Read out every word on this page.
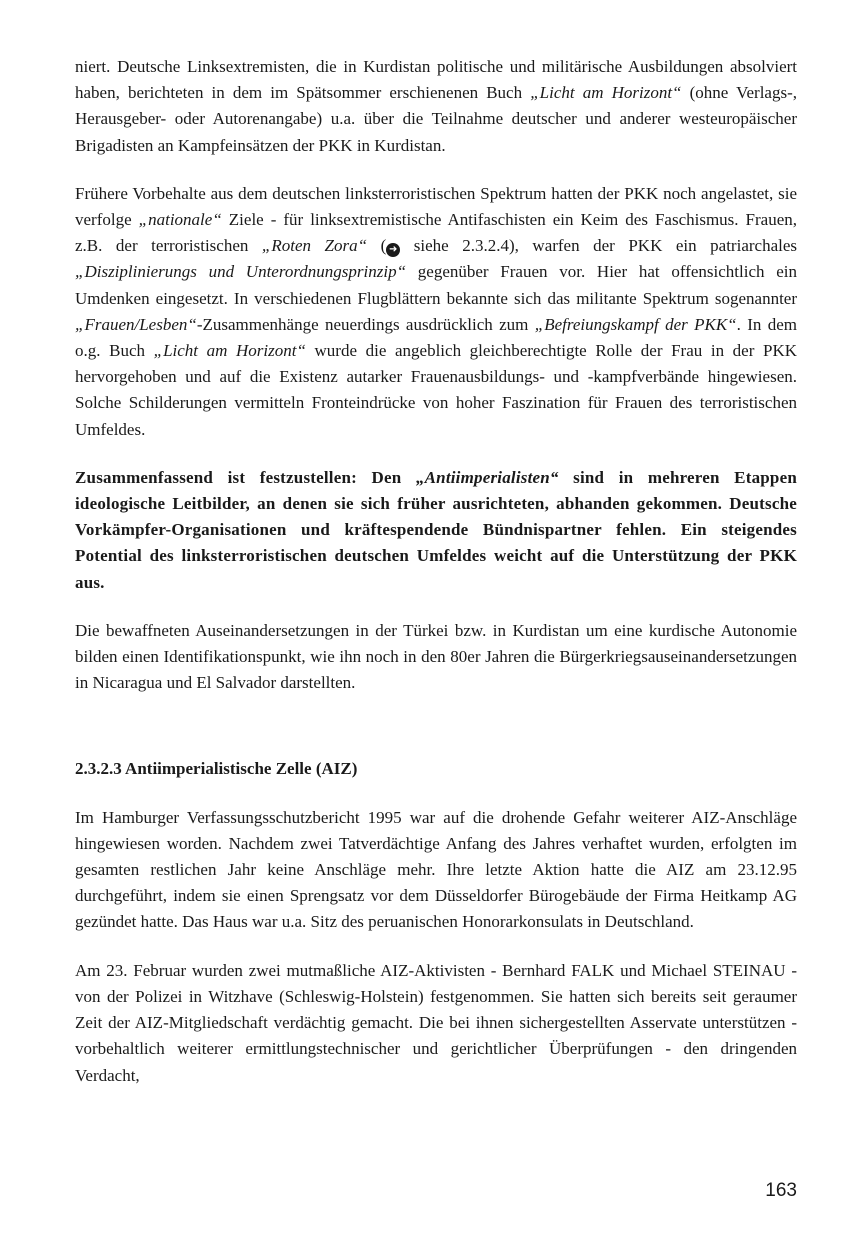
niert. Deutsche Linksextremisten, die in Kurdistan politische und militärische Ausbildungen absolviert haben, berichteten in dem im Spätsommer erschienenen Buch „Licht am Horizont“ (ohne Verlags-, Herausgeber- oder Autorenangabe) u.a. über die Teilnahme deutscher und anderer westeuropäischer Brigadisten an Kampfeinsätzen der PKK in Kurdistan.

Frühere Vorbehalte aus dem deutschen linksterroristischen Spektrum hatten der PKK noch angelastet, sie verfolge „nationale“ Ziele - für linksextremistische Antifaschisten ein Keim des Faschismus. Frauen, z.B. der terroristischen „Roten Zora“ ( ➜ siehe 2.3.2.4), warfen der PKK ein patriarchales „Disziplinierungs und Unterordnungsprinzip“ gegenüber Frauen vor. Hier hat offensichtlich ein Umdenken eingesetzt. In verschiedenen Flugblättern bekannte sich das militante Spektrum sogenannter „Frauen/Lesben“-Zusammenhänge neuerdings ausdrücklich zum „Befreiungskampf der PKK“. In dem o.g. Buch „Licht am Horizont“ wurde die angeblich gleichberechtigte Rolle der Frau in der PKK hervorgehoben und auf die Existenz autarker Frauenausbildungs- und -kampfverbände hingewiesen. Solche Schilderungen vermitteln Fronteindrücke von hoher Faszination für Frauen des terroristischen Umfeldes.

Zusammenfassend ist festzustellen: Den „Antiimperialisten“ sind in mehreren Etappen ideologische Leitbilder, an denen sie sich früher ausrichteten, abhanden gekommen. Deutsche Vorkämpfer-Organisationen und kräftespendende Bündnispartner fehlen. Ein steigendes Potential des linksterroristischen deutschen Umfeldes weicht auf die Unterstützung der PKK aus.

Die bewaffneten Auseinandersetzungen in der Türkei bzw. in Kurdistan um eine kurdische Autonomie bilden einen Identifikationspunkt, wie ihn noch in den 80er Jahren die Bürgerkriegsauseinandersetzungen in Nicaragua und El Salvador darstellten.

2.3.2.3 Antiimperialistische Zelle (AIZ)

Im Hamburger Verfassungsschutzbericht 1995 war auf die drohende Gefahr weiterer AIZ-Anschläge hingewiesen worden. Nachdem zwei Tatverdächtige Anfang des Jahres verhaftet wurden, erfolgten im gesamten restlichen Jahr keine Anschläge mehr. Ihre letzte Aktion hatte die AIZ am 23.12.95 durchgeführt, indem sie einen Sprengsatz vor dem Düsseldorfer Bürogebäude der Firma Heitkamp AG gezündet hatte. Das Haus war u.a. Sitz des peruanischen Honorarkonsulats in Deutschland.

Am 23. Februar wurden zwei mutmaßliche AIZ-Aktivisten - Bernhard FALK und Michael STEINAU - von der Polizei in Witzhave (Schleswig-Holstein) festgenommen. Sie hatten sich bereits seit geraumer Zeit der AIZ-Mitgliedschaft verdächtig gemacht. Die bei ihnen sichergestellten Asservate unterstützen - vorbehaltlich weiterer ermittlungstechnischer und gerichtlicher Überprüfungen - den dringenden Verdacht,

163
